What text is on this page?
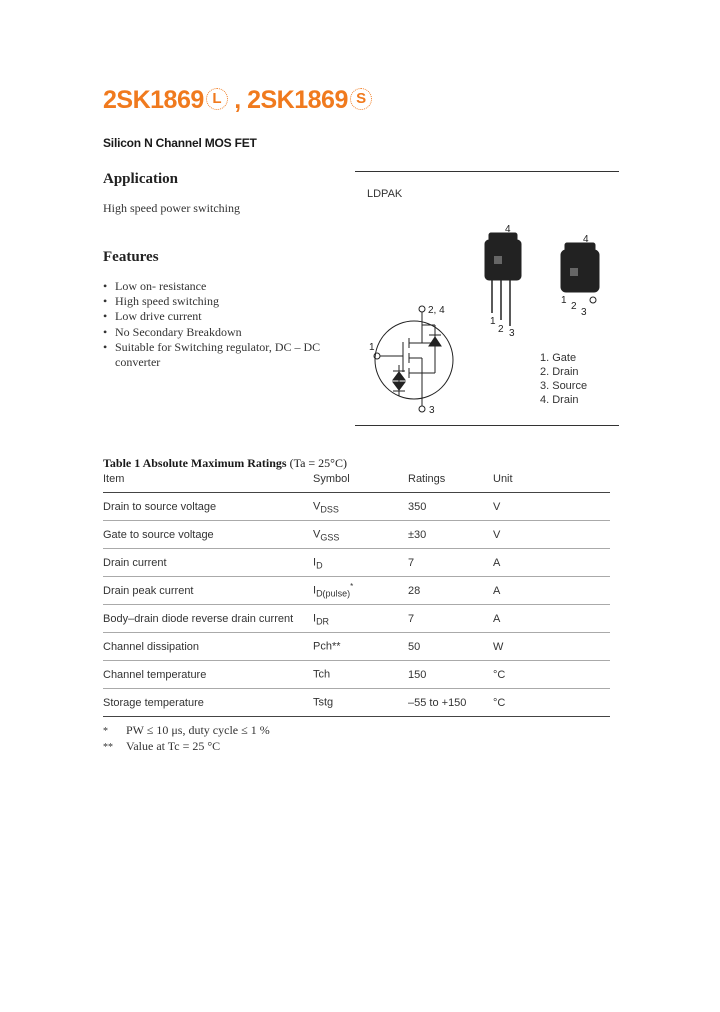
2SK1869 L , 2SK1869 S
Silicon N Channel MOS FET
Application
High speed power switching
Features
• Low on- resistance
• High speed switching
• Low drive current
• No Secondary Breakdown
• Suitable for Switching regulator, DC – DC
converter
LDPAK
4
1
2 3
4
1
2
3
2, 4
1
3
1. Gate
2. Drain
3. Source
4. Drain
Table 1 Absolute Maximum Ratings (Ta = 25°C)
Item	Symbol	Ratings	Unit
Drain to source voltage	$V_{DSS}$	350	V
Gate to source voltage	$V_{GSS}$	±30	V
Drain current	$I_D$	7	A
Drain peak current	$I_{D(pulse)}^*$	28	A
Body–drain diode reverse drain current	$I_{DR}$	7	A
Channel dissipation	Pch**	50	W
Channel temperature	Tch	150	°C
Storage temperature	Tstg	–55 to +150	°C
* PW ≤ 10 μs, duty cycle ≤ 1 %
** Value at Tc = 25 °C
